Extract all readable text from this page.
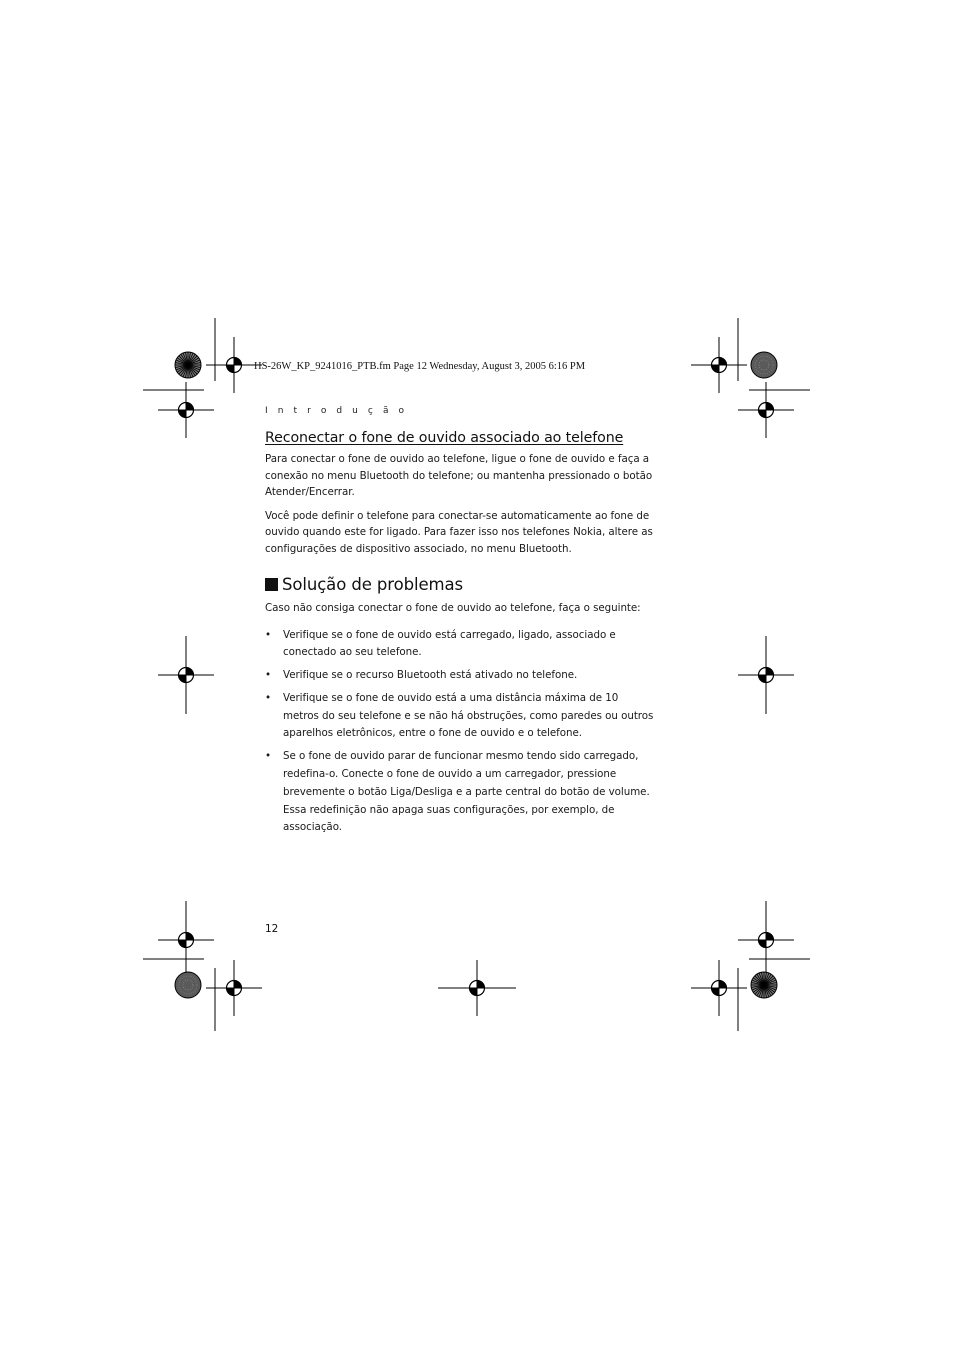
HS-26W_KP_9241016_PTB.fm Page 12 Wednesday, August 3, 2005 6:16 PM
I n t r o d u ç ã o
Reconectar o fone de ouvido associado ao telefone

Para conectar o fone de ouvido ao telefone, ligue o fone de ouvido e faça a conexão no menu Bluetooth do telefone; ou mantenha pressionado o botão Atender/Encerrar.

Você pode definir o telefone para conectar-se automaticamente ao fone de ouvido quando este for ligado. Para fazer isso nos telefones Nokia, altere as configurações de dispositivo associado, no menu Bluetooth.

Solução de problemas

Caso não consiga conectar o fone de ouvido ao telefone, faça o seguinte:

• Verifique se o fone de ouvido está carregado, ligado, associado e conectado ao seu telefone.
• Verifique se o recurso Bluetooth está ativado no telefone.
• Verifique se o fone de ouvido está a uma distância máxima de 10 metros do seu telefone e se não há obstruções, como paredes ou outros aparelhos eletrônicos, entre o fone de ouvido e o telefone.
• Se o fone de ouvido parar de funcionar mesmo tendo sido carregado, redefina-o. Conecte o fone de ouvido a um carregador, pressione brevemente o botão Liga/Desliga e a parte central do botão de volume. Essa redefinição não apaga suas configurações, por exemplo, de associação.
12
